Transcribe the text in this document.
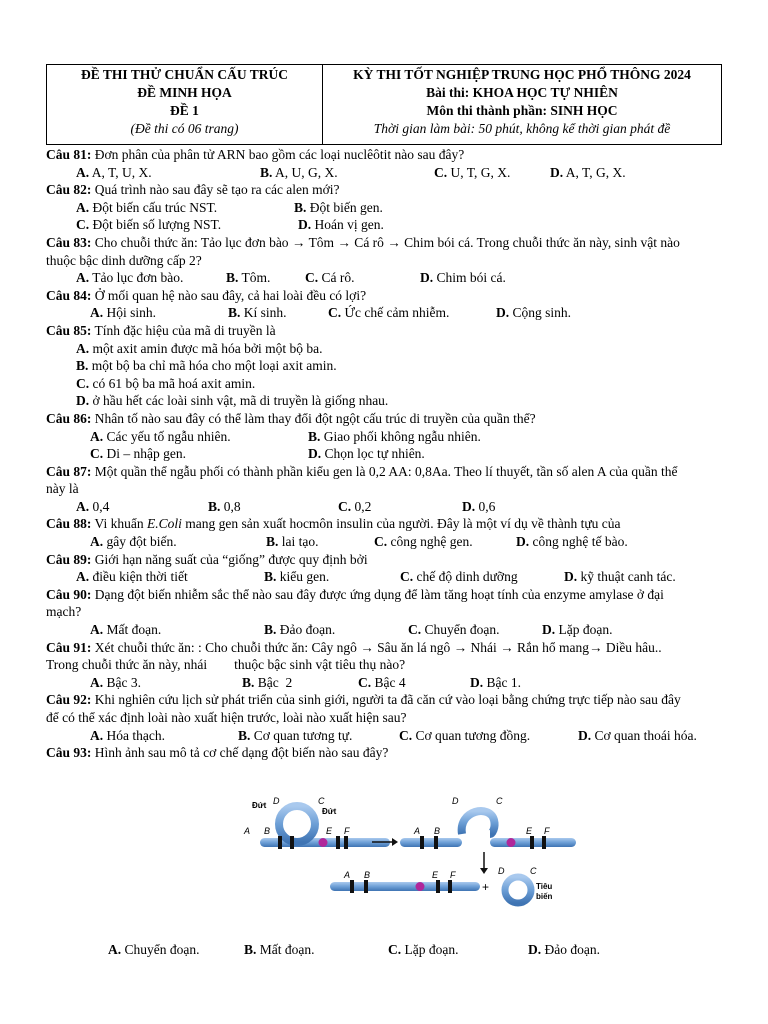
ĐỀ THI THỬ CHUẨN CẤU TRÚC
ĐỀ MINH HỌA
ĐỀ 1
(Đề thi có 06 trang)
KỲ THI TỐT NGHIỆP TRUNG HỌC PHỔ THÔNG 2024
Bài thi: KHOA HỌC TỰ NHIÊN
Môn thi thành phần: SINH HỌC
Thời gian làm bài: 50 phút, không kể thời gian phát đề
Câu 81: Đơn phân của phân tử ARN bao gồm các loại nuclêôtit nào sau đây?
A. A, T, U, X.	B. A, U, G, X.	C. U, T, G, X.	D. A, T, G, X.
Câu 82: Quá trình nào sau đây sẽ tạo ra các alen mới?
A. Đột biến cấu trúc NST.	B. Đột biến gen.
C. Đột biến số lượng NST.	D. Hoán vị gen.
Câu 83: Cho chuỗi thức ăn: Tảo lục đơn bào → Tôm → Cá rô → Chim bói cá. Trong chuỗi thức ăn này, sinh vật nào
thuộc bậc dinh dưỡng cấp 2?
A. Tảo lục đơn bào.	B. Tôm.	C. Cá rô.	D. Chim bói cá.
Câu 84: Ở mối quan hệ nào sau đây, cả hai loài đều có lợi?
A. Hội sinh.	B. Kí sinh.	C. Ức chế cảm nhiễm.	D. Cộng sinh.
Câu 85: Tính đặc hiệu của mã di truyền là
A. một axit amin được mã hóa bởi một bộ ba.
B. một bộ ba chỉ mã hóa cho một loại axit amin.
C. có 61 bộ ba mã hoá axit amin.
D. ở hầu hết các loài sinh vật, mã di truyền là giống nhau.
Câu 86: Nhân tố nào sau đây có thể làm thay đổi đột ngột cấu trúc di truyền của quần thể?
A. Các yếu tố ngẫu nhiên.	B. Giao phối không ngẫu nhiên.
C. Di – nhập gen.	D. Chọn lọc tự nhiên.
Câu 87: Một quần thể ngẫu phối có thành phần kiểu gen là 0,2 AA: 0,8Aa. Theo lí thuyết, tần số alen A của quần thể
này là
A. 0,4	B. 0,8	C. 0,2	D. 0,6
Câu 88: Vi khuẩn E.Coli mang gen sản xuất hocmôn insulin của người. Đây là một ví dụ về thành tựu của
A. gây đột biến.	B. lai tạo.	C. công nghệ gen.	D. công nghệ tế bào.
Câu 89: Giới hạn năng suất của “giống” được quy định bởi
A. điều kiện thời tiết	B. kiểu gen.	C. chế độ dinh dưỡng	D. kỹ thuật canh tác.
Câu 90: Dạng đột biến nhiễm sắc thể nào sau đây được ứng dụng để làm tăng hoạt tính của enzyme amylase ở đại
mạch?
A. Mất đoạn.	B. Đảo đoạn.	C. Chuyển đoạn.	D. Lặp đoạn.
Câu 91: Xét chuỗi thức ăn: : Cho chuỗi thức ăn: Cây ngô → Sâu ăn lá ngô → Nhái → Rắn hổ mang→ Diều hâu..
Trong chuỗi thức ăn này, nhái        thuộc bậc sinh vật tiêu thụ nào?
A. Bậc 3.	B. Bậc  2	C. Bậc 4	D. Bậc 1.
Câu 92: Khi nghiên cứu lịch sử phát triển của sinh giới, người ta đã căn cứ vào loại bằng chứng trực tiếp nào sau đây
để có thể xác định loài nào xuất hiện trước, loài nào xuất hiện sau?
A. Hóa thạch.	B. Cơ quan tương tự.	C. Cơ quan tương đồng.	D. Cơ quan thoái hóa.
Câu 93: Hình ảnh sau mô tả cơ chế dạng đột biến nào sau đây?
Đứt
Đứt
D	C
A B	E F
D	C
A B	E F
A B	E F
+
D	C
Tiêu
biến
A. Chuyển đoạn.	B. Mất đoạn.	C. Lặp đoạn.	D. Đảo đoạn.
